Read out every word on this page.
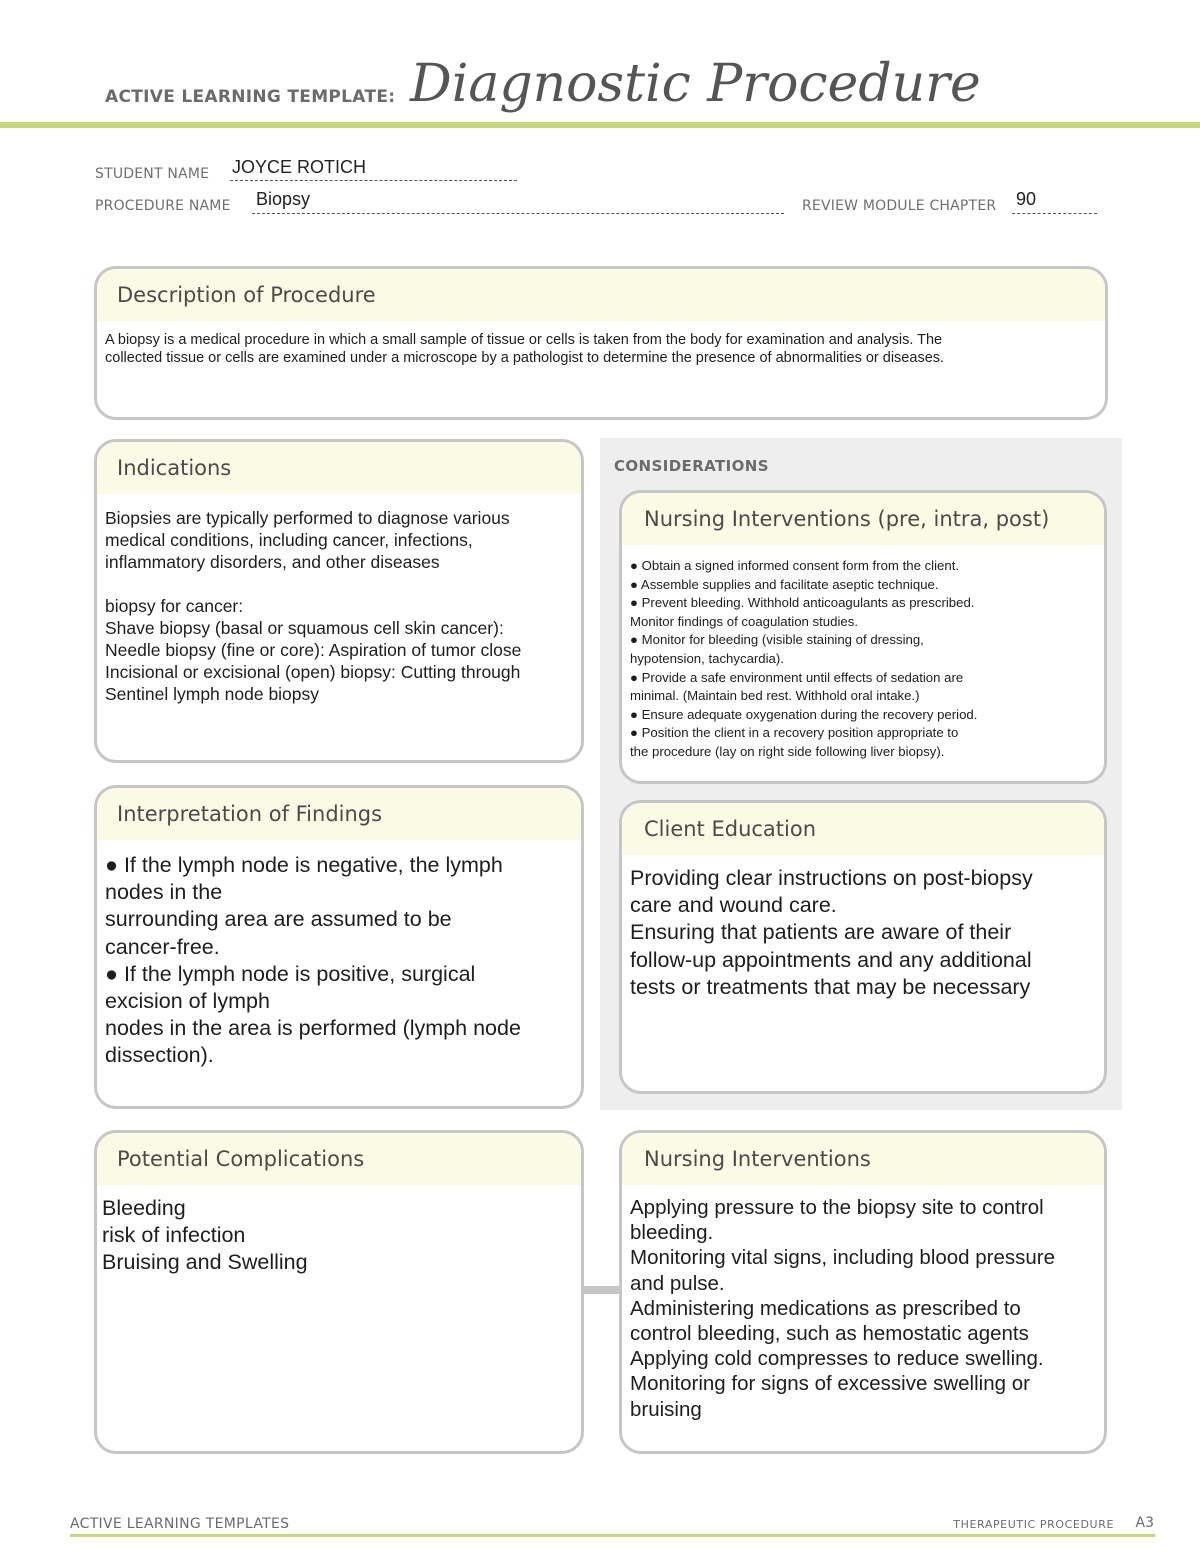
ACTIVE LEARNING TEMPLATE: Diagnostic Procedure
STUDENT NAME JOYCE ROTICH
PROCEDURE NAME Biopsy	REVIEW MODULE CHAPTER 90
Description of Procedure
A biopsy is a medical procedure in which a small sample of tissue or cells is taken from the body for examination and analysis. The
collected tissue or cells are examined under a microscope by a pathologist to determine the presence of abnormalities or diseases.
Indications
Biopsies are typically performed to diagnose various
medical conditions, including cancer, infections,
inflammatory disorders, and other diseases
biopsy for cancer:
Shave biopsy (basal or squamous cell skin cancer):
Needle biopsy (fine or core): Aspiration of tumor close
Incisional or excisional (open) biopsy: Cutting through
Sentinel lymph node biopsy
CONSIDERATIONS
Nursing Interventions (pre, intra, post)
● Obtain a signed informed consent form from the client.
● Assemble supplies and facilitate aseptic technique.
● Prevent bleeding. Withhold anticoagulants as prescribed.
Monitor findings of coagulation studies.
● Monitor for bleeding (visible staining of dressing,
hypotension, tachycardia).
● Provide a safe environment until effects of sedation are
minimal. (Maintain bed rest. Withhold oral intake.)
● Ensure adequate oxygenation during the recovery period.
● Position the client in a recovery position appropriate to
the procedure (lay on right side following liver biopsy).
Interpretation of Findings
● If the lymph node is negative, the lymph
nodes in the
surrounding area are assumed to be
cancer-free.
● If the lymph node is positive, surgical
excision of lymph
nodes in the area is performed (lymph node
dissection).
Client Education
Providing clear instructions on post-biopsy
care and wound care.
Ensuring that patients are aware of their
follow-up appointments and any additional
tests or treatments that may be necessary
Potential Complications
Bleeding
risk of infection
Bruising and Swelling
Nursing Interventions
Applying pressure to the biopsy site to control
bleeding.
Monitoring vital signs, including blood pressure
and pulse.
Administering medications as prescribed to
control bleeding, such as hemostatic agents
Applying cold compresses to reduce swelling.
Monitoring for signs of excessive swelling or
bruising
ACTIVE LEARNING TEMPLATES	THERAPEUTIC PROCEDURE A3
